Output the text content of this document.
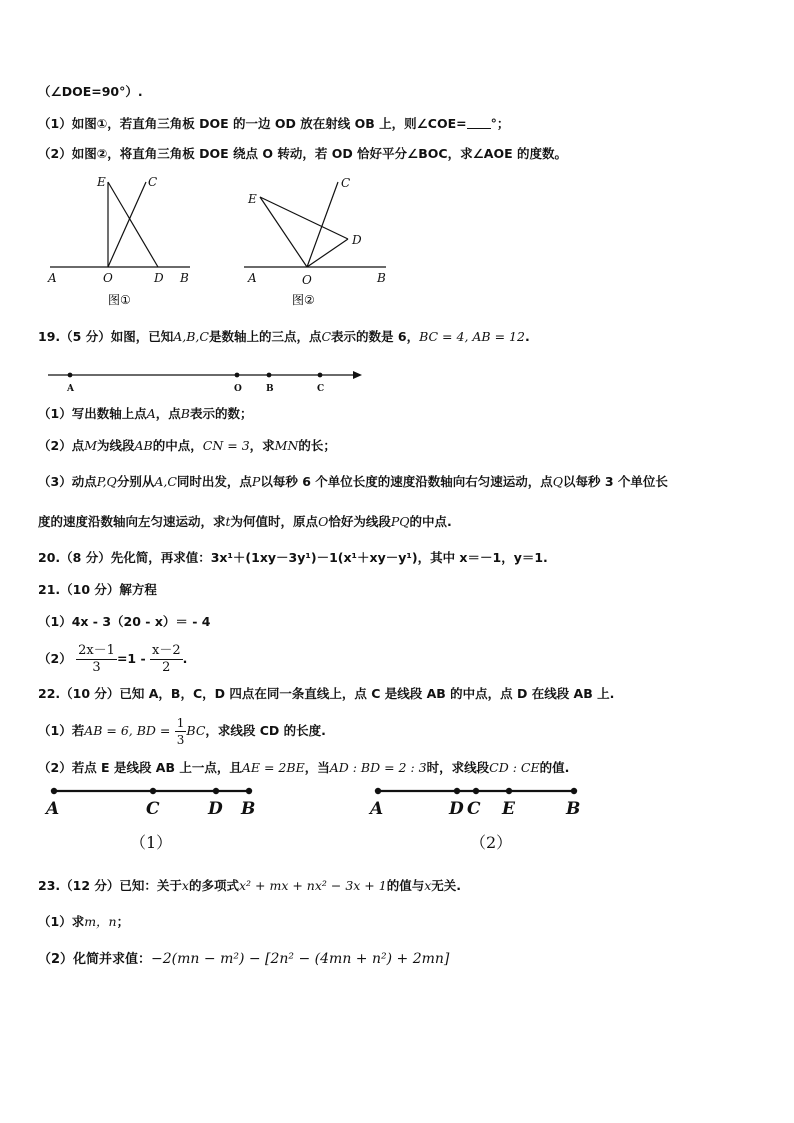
（∠DOE=90°）.
（1）如图①，若直角三角板 DOE 的一边 OD 放在射线 OB 上，则∠COE= °；
（2）如图②，将直角三角板 DOE 绕点 O 转动，若 OD 恰好平分∠BOC，求∠AOE 的度数。
E	C
A	O	D B
图①
E
C
D
A	O	B
图②
19.（5 分）如图，已知A,B,C是数轴上的三点，点C表示的数是 6，BC = 4, AB = 12.
A	O	B	C
（1）写出数轴上点A，点B表示的数；
（2）点M为线段AB的中点，CN = 3，求MN的长；
（3）动点P,Q分别从A,C同时出发，点P以每秒 6 个单位长度的速度沿数轴向右匀速运动，点Q以每秒 3 个单位长
度的速度沿数轴向左匀速运动，求t为何值时，原点O恰好为线段PQ的中点.
20.（8 分）先化简，再求值：3x¹＋(1xy－3y¹)－1(x¹＋xy－y¹)，其中 x＝－1，y＝1.
21.（10 分）解方程
（1）4x - 3（20 - x）＝ - 4
$(2) \frac{2x-1}{3} =1 - \frac{x-2}{2}$ .
22.（10 分）已知 A，B，C，D 四点在同一条直线上，点 C 是线段 AB 的中点，点 D 在线段 AB 上.
（1）若AB = 6, BD = $\frac{1}{3}$ BC，求线段 CD 的长度.
（2）若点 E 是线段 AB 上一点，且AE = 2BE，当AD : BD = 2 : 3时，求线段CD : CE的值.
A	C	D B
（1）
A	D C E	B
（2）
23.（12 分）已知：关于x的多项式x² + mx + nx² − 3x + 1的值与x无关.
（1）求m，n；
（2）化简并求值：−2(mn − m²) − [2n² − (4mn + n²) + 2mn]
